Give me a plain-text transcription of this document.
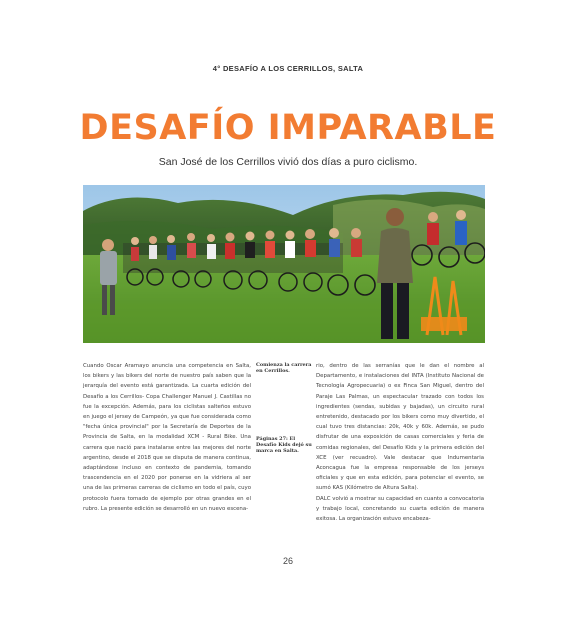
4° DESAFÍO A LOS CERRILLOS, SALTA
DESAFÍO IMPARABLE
San José de los Cerrillos vivió dos días a puro ciclismo.

Cuando Oscar Aramayo anuncia una competencia en Salta, los bikers y las bikers del norte de nuestro país saben que la jerarquía del evento está garantizada. La cuarta edición del Desafío a los Cerrillos- Copa Challenger Manuel J. Castillas no fue la excepción. Además, para los ciclistas salteños estuvo en juego el jersey de Campeón, ya que fue considerada como "fecha única provincial" por la Secretaría de Deportes de la Provincia de Salta, en la modalidad XCM - Rural Bike. Una carrera que nació para instalarse entre las mejores del norte argentino, desde el 2018 que se disputa de manera continua, adaptándose incluso en contexto de pandemia, tomando trascendencia en el 2020 por ponerse en la vidriera al ser una de las primeras carreras de ciclismo en todo el país, cuyo protocolo fuera tomado de ejemplo por otras grandes en el rubro. La presente edición se desarrolló en un nuevo escena-

Comienza la carrera en Cerrillos.
Páginas 27: El Desafío Kids dejó su marca en Salta.

rio, dentro de las serranías que le dan el nombre al Departamento, e instalaciones del INTA (Instituto Nacional de Tecnología Agropecuaria) o ex Finca San Miguel, dentro del Paraje Las Palmas, un espectacular trazado con todos los ingredientes (sendas, subidas y bajadas), un circuito rural entretenido, destacado por los bikers como muy divertido, el cual tuvo tres distancias: 20k, 40k y 60k. Además, se pudo disfrutar de una exposición de casas comerciales y feria de comidas regionales, del Desafío Kids y la primera edición del XCE (ver recuadro). Vale destacar que Indumentaria Aconcagua fue la empresa responsable de los jerseys oficiales y que en esta edición, para potenciar el evento, se sumó KAS (Kilómetro de Altura Salta).

DALC volvió a mostrar su capacidad en cuanto a convocatoria y trabajo local, concretando su cuarta edición de manera exitosa. La organización estuvo encabeza-

26
